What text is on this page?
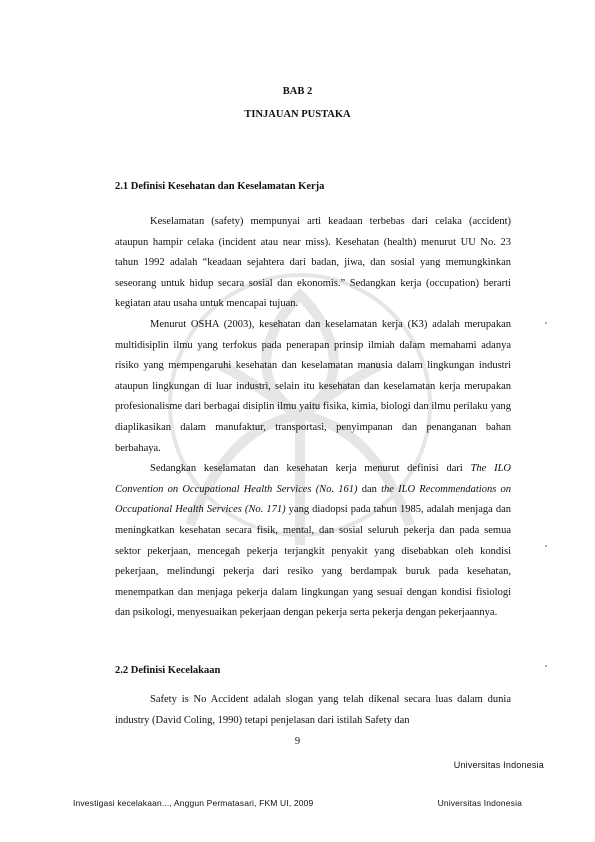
BAB 2
TINJAUAN PUSTAKA
2.1 Definisi Kesehatan dan Keselamatan Kerja

Keselamatan (safety) mempunyai arti keadaan terbebas dari celaka (accident) ataupun hampir celaka (incident atau near miss). Kesehatan (health) menurut UU No. 23 tahun 1992 adalah “keadaan sejahtera dari badan, jiwa, dan sosial yang memungkinkan seseorang untuk hidup secara sosial dan ekonomis.” Sedangkan kerja (occupation) berarti kegiatan atau usaha untuk mencapai tujuan.

Menurut OSHA (2003), kesehatan dan keselamatan kerja (K3) adalah merupakan multidisiplin ilmu yang terfokus pada penerapan prinsip ilmiah dalam memahami adanya risiko yang mempengaruhi kesehatan dan keselamatan manusia dalam lingkungan industri ataupun lingkungan di luar industri, selain itu kesehatan dan keselamatan kerja merupakan profesionalisme dari berbagai disiplin ilmu yaitu fisika, kimia, biologi dan ilmu perilaku yang diaplikasikan dalam manufaktur, transportasi, penyimpanan dan penanganan bahan berbahaya.

Sedangkan keselamatan dan kesehatan kerja menurut definisi dari The ILO Convention on Occupational Health Services (No. 161) dan the ILO Recommendations on Occupational Health Services (No. 171) yang diadopsi pada tahun 1985, adalah menjaga dan meningkatkan kesehatan secara fisik, mental, dan sosial seluruh pekerja dan pada semua sektor pekerjaan, mencegah pekerja terjangkit penyakit yang disebabkan oleh kondisi pekerjaan, melindungi pekerja dari resiko yang berdampak buruk pada kesehatan, menempatkan dan menjaga pekerja dalam lingkungan yang sesuai dengan kondisi fisiologi dan psikologi, menyesuaikan pekerjaan dengan pekerja serta pekerja dengan pekerjaannya.

2.2 Definisi Kecelakaan

Safety is No Accident adalah slogan yang telah dikenal secara luas dalam dunia industry (David Coling, 1990) tetapi penjelasan dari istilah Safety dan

9
Universitas Indonesia
Investigasi kecelakaan..., Anggun Permatasari, FKM UI, 2009	Universitas Indonesia
